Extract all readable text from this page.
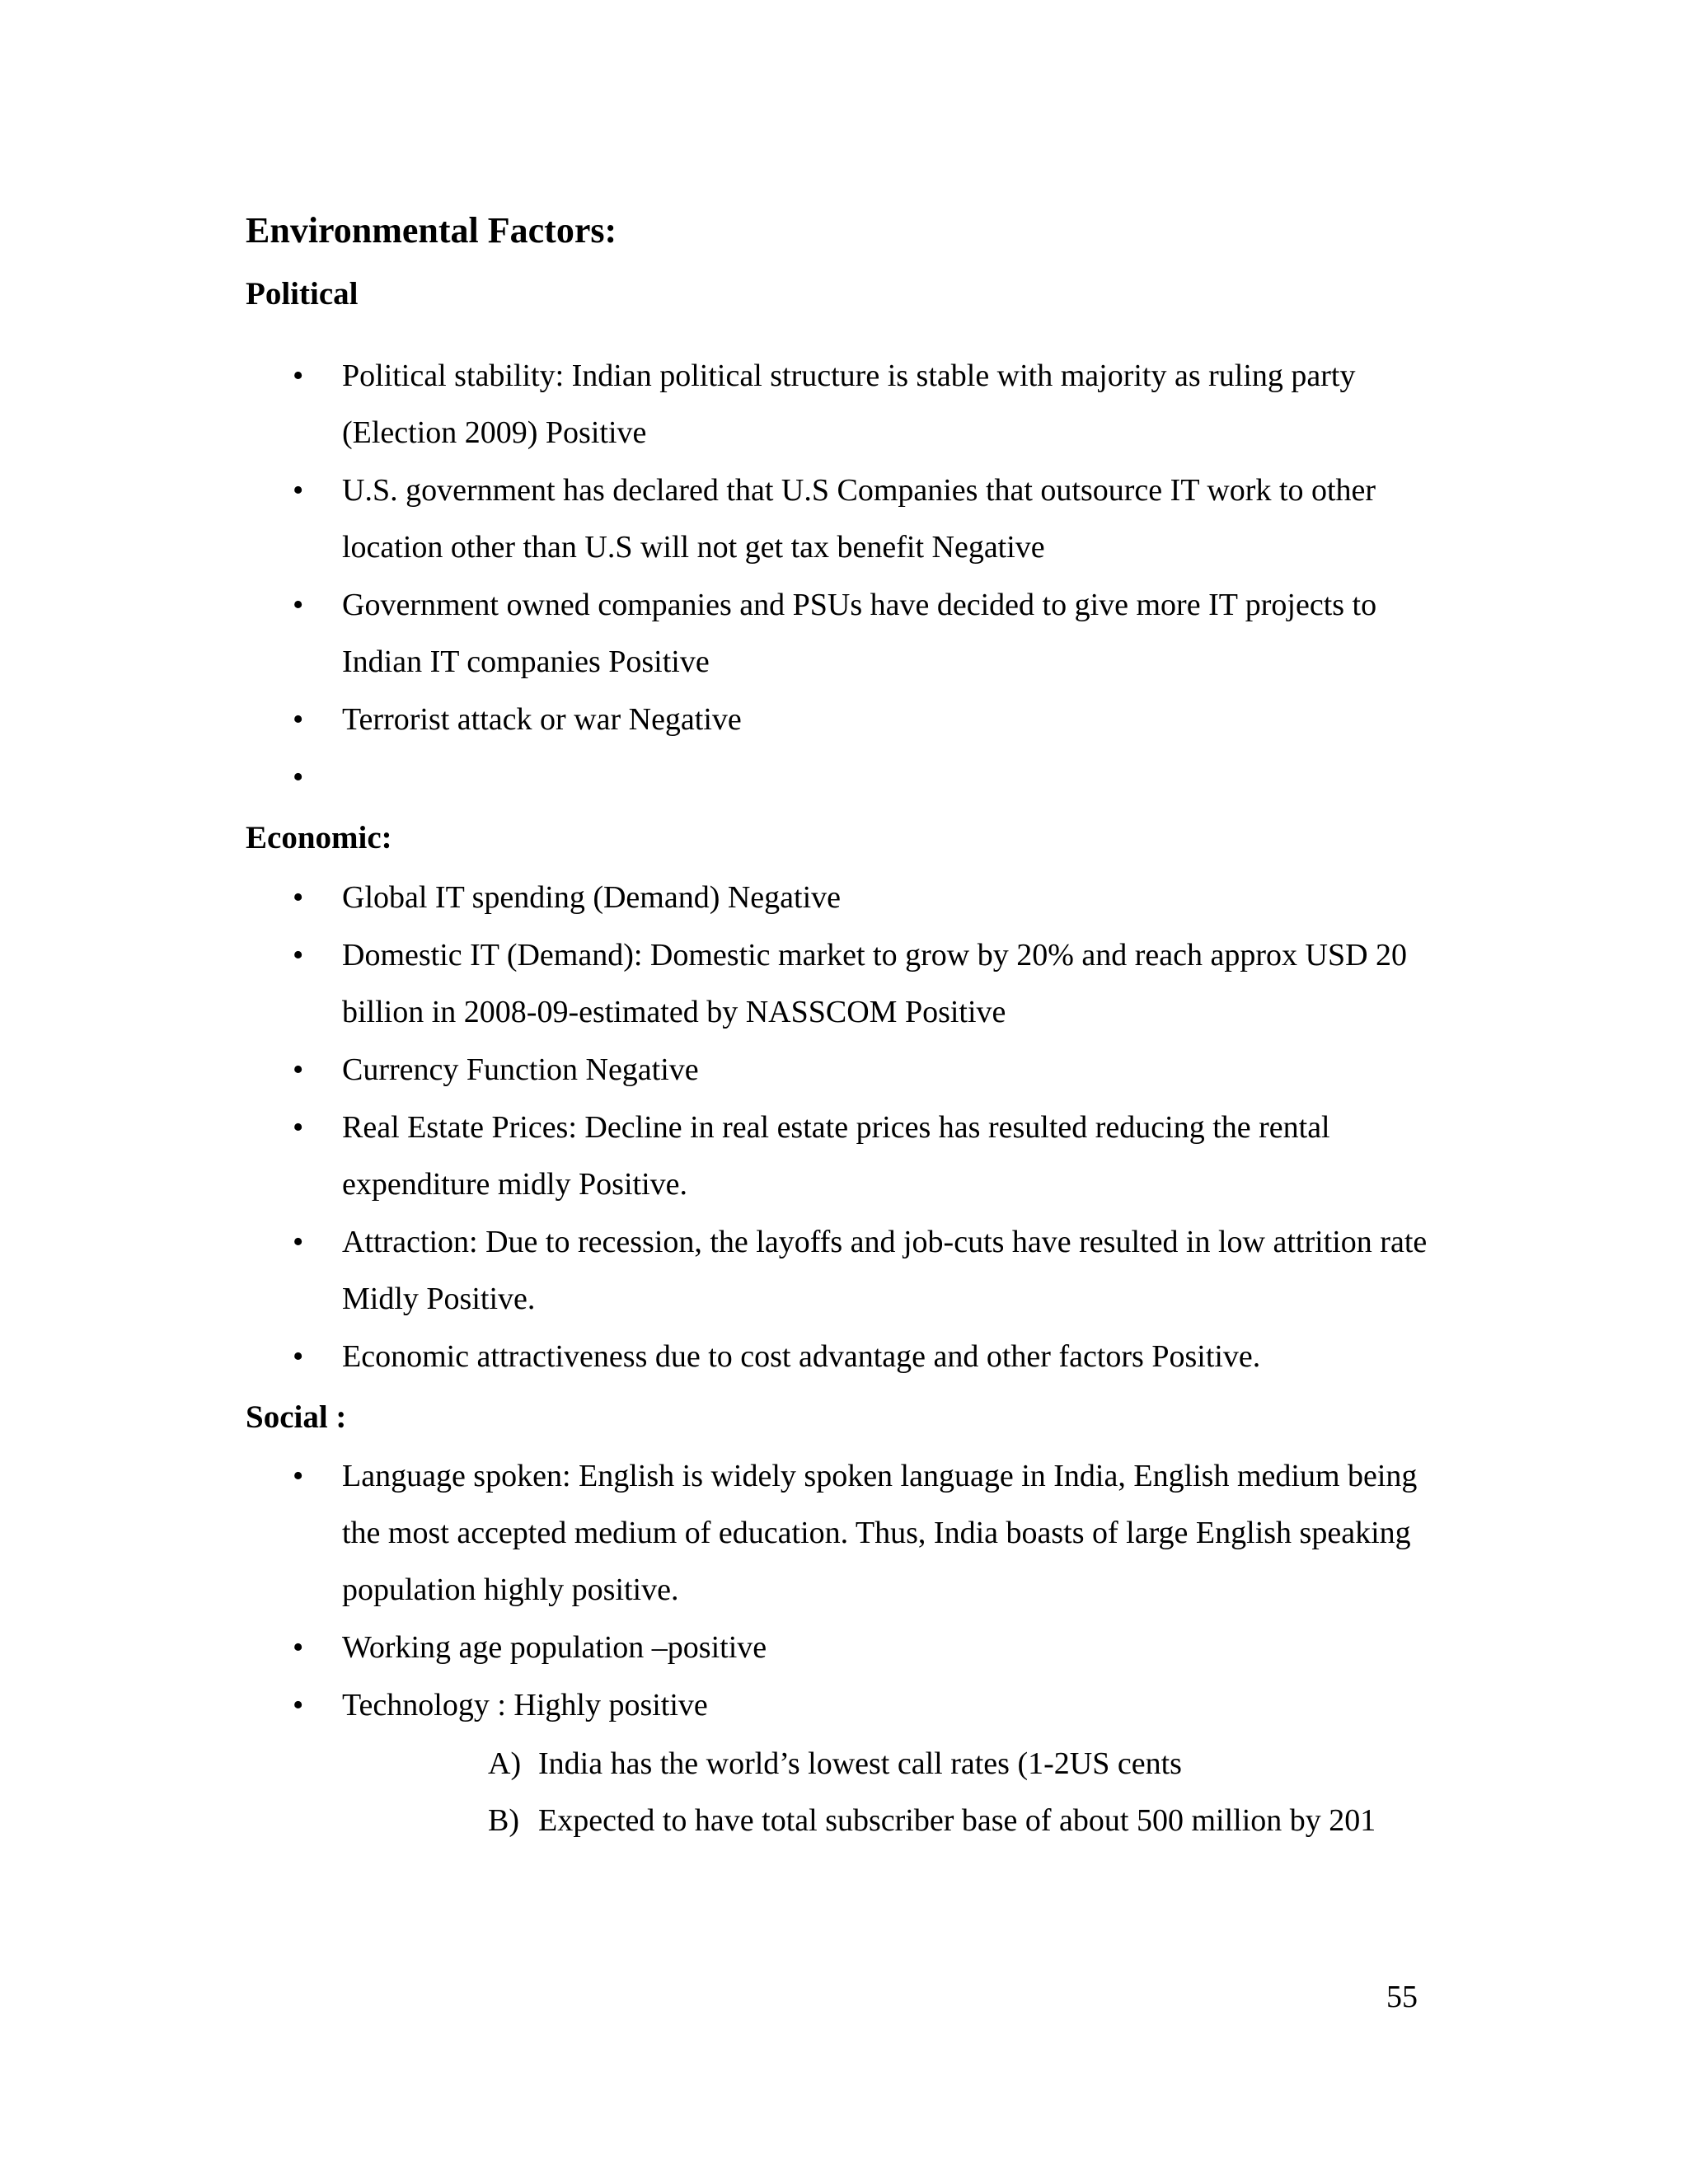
Environmental Factors:
Political
• Political stability: Indian political structure is stable with majority as ruling party (Election 2009) Positive
• U.S. government has declared that U.S Companies that outsource IT work to other location other than U.S will not get tax benefit Negative
• Government owned companies and PSUs have decided to give more IT projects to Indian IT companies Positive
• Terrorist attack or war Negative
•
Economic:
• Global IT spending (Demand) Negative
• Domestic IT (Demand): Domestic market to grow by 20% and reach approx USD 20 billion in 2008-09-estimated by NASSCOM Positive
• Currency Function Negative
• Real Estate Prices: Decline in real estate prices has resulted reducing the rental expenditure midly Positive.
• Attraction: Due to recession, the layoffs and job-cuts have resulted in low attrition rate Midly Positive.
• Economic attractiveness due to cost advantage and other factors Positive.
Social :
• Language spoken: English is widely spoken language in India, English medium being the most accepted medium of education. Thus, India boasts of large English speaking population highly positive.
• Working age population –positive
• Technology : Highly positive
A) India has the world’s lowest call rates (1-2US cents
B) Expected to have total subscriber base of about 500 million by 201
55
